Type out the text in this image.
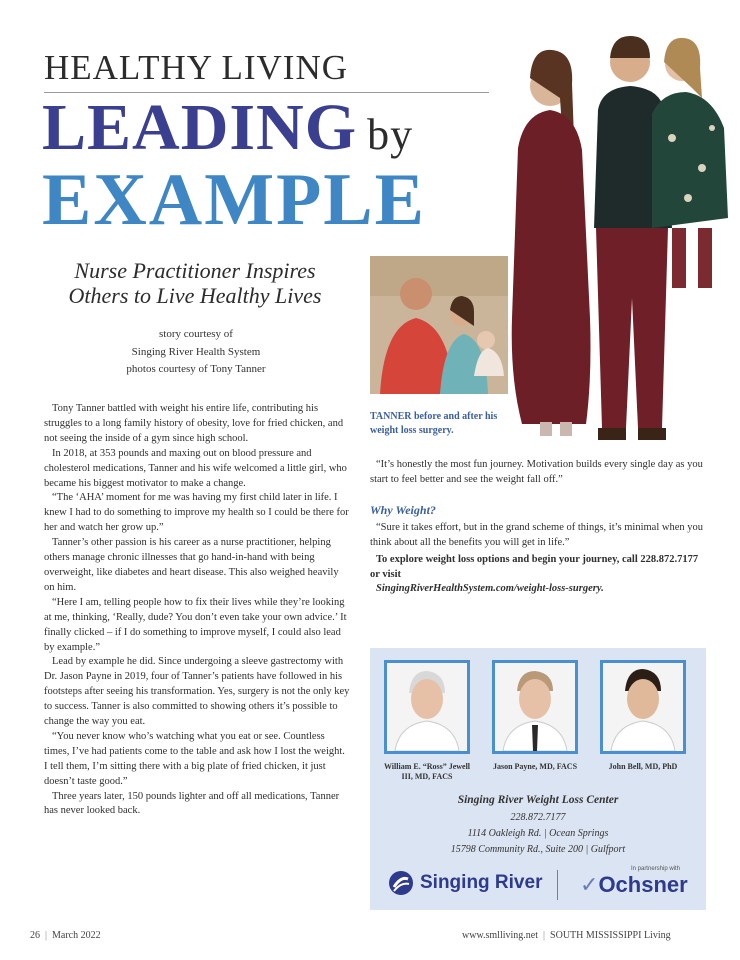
HEALTHY LIVING
LEADING by
EXAMPLE
Nurse Practitioner Inspires
Others to Live Healthy Lives
story courtesy of
Singing River Health System
photos courtesy of Tony Tanner
TANNER before and after his weight loss surgery.

Tony Tanner battled with weight his entire life, contributing his struggles to a long family history of obesity, love for fried chicken, and not seeing the inside of a gym since high school.

In 2018, at 353 pounds and maxing out on blood pressure and cholesterol medications, Tanner and his wife welcomed a little girl, who became his biggest motivator to make a change.

“The ‘AHA’ moment for me was having my first child later in life. I knew I had to do something to improve my health so I could be there for her and watch her grow up.”

Tanner’s other passion is his career as a nurse practitioner, helping others manage chronic illnesses that go hand-in-hand with being overweight, like diabetes and heart disease. This also weighed heavily on him.

“Here I am, telling people how to fix their lives while they’re looking at me, thinking, ‘Really, dude? You don’t even take your own advice.’ It finally clicked – if I do something to improve myself, I could also lead by example.”

Lead by example he did. Since undergoing a sleeve gastrectomy with Dr. Jason Payne in 2019, four of Tanner’s patients have followed in his footsteps after seeing his transformation. Yes, surgery is not the only key to success. Tanner is also committed to showing others it’s possible to change the way you eat.

“You never know who’s watching what you eat or see. Countless times, I’ve had patients come to the table and ask how I lost the weight. I tell them, I’m sitting there with a big plate of fried chicken, it just doesn’t taste good.”

Three years later, 150 pounds lighter and off all medications, Tanner has never looked back.

“It’s honestly the most fun journey. Motivation builds every single day as you start to feel better and see the weight fall off.”

Why Weight?

“Sure it takes effort, but in the grand scheme of things, it’s minimal when you think about all the benefits you will get in life.”

To explore weight loss options and begin your journey, call 228.872.7177 or visit

SingingRiverHealthSystem.com/weight-loss-surgery.

William E. “Ross” Jewell III, MD, FACS
Jason Payne, MD, FACS	John Bell, MD, PhD
Singing River Weight Loss Center
228.872.7177
1114 Oakleigh Rd. | Ocean Springs
15798 Community Rd., Suite 200 | Gulfport
Singing River
In partnership with
✓Ochsner
26  |  March 2022	www.smlliving.net  |  SOUTH MISSISSIPPI Living
